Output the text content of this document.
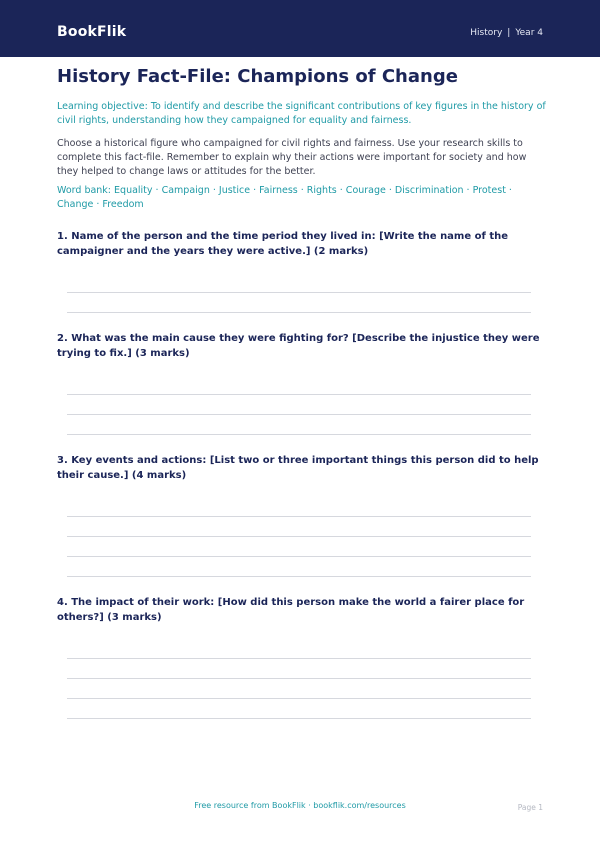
BookFlik	History | Year 4
History Fact-File: Champions of Change

Learning objective: To identify and describe the significant contributions of key figures in the history of civil rights, understanding how they campaigned for equality and fairness.

Choose a historical figure who campaigned for civil rights and fairness. Use your research skills to complete this fact-file. Remember to explain why their actions were important for society and how they helped to change laws or attitudes for the better.

Word bank: Equality · Campaign · Justice · Fairness · Rights · Courage · Discrimination · Protest · Change · Freedom

1. Name of the person and the time period they lived in: [Write the name of the campaigner and the years they were active.] (2 marks)
2. What was the main cause they were fighting for? [Describe the injustice they were trying to fix.] (3 marks)
3. Key events and actions: [List two or three important things this person did to help their cause.] (4 marks)
4. The impact of their work: [How did this person make the world a fairer place for others?] (3 marks)
Free resource from BookFlik · bookflik.com/resources	Page 1
